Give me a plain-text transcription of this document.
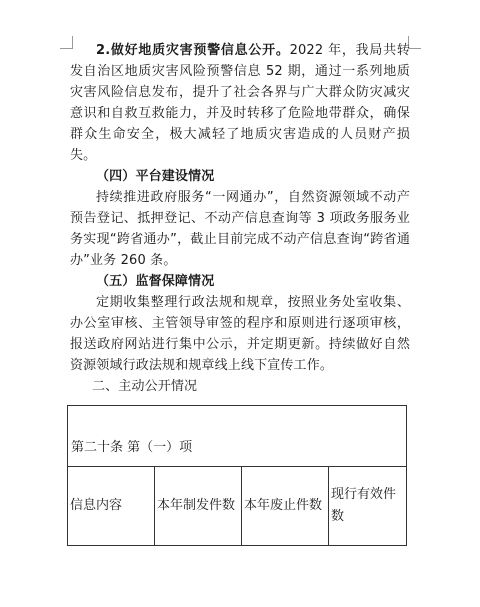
2.做好地质灾害预警信息公开。2022 年，我局共转发自治区地质灾害风险预警信息 52 期，通过一系列地质灾害风险信息发布，提升了社会各界与广大群众防灾减灾意识和自救互救能力，并及时转移了危险地带群众，确保群众生命安全，极大减轻了地质灾害造成的人员财产损失。

（四）平台建设情况

持续推进政府服务“一网通办”，自然资源领域不动产预告登记、抵押登记、不动产信息查询等 3 项政务服务业务实现“跨省通办”，截止目前完成不动产信息查询“跨省通办”业务 260 条。

（五）监督保障情况

定期收集整理行政法规和规章，按照业务处室收集、办公室审核、主管领导审签的程序和原则进行逐项审核，报送政府网站进行集中公示，并定期更新。持续做好自然资源领域行政法规和规章线上线下宣传工作。

二、主动公开情况

第二十条 第（一）项
信息内容	本年制发件数	本年废止件数	现行有效件数
